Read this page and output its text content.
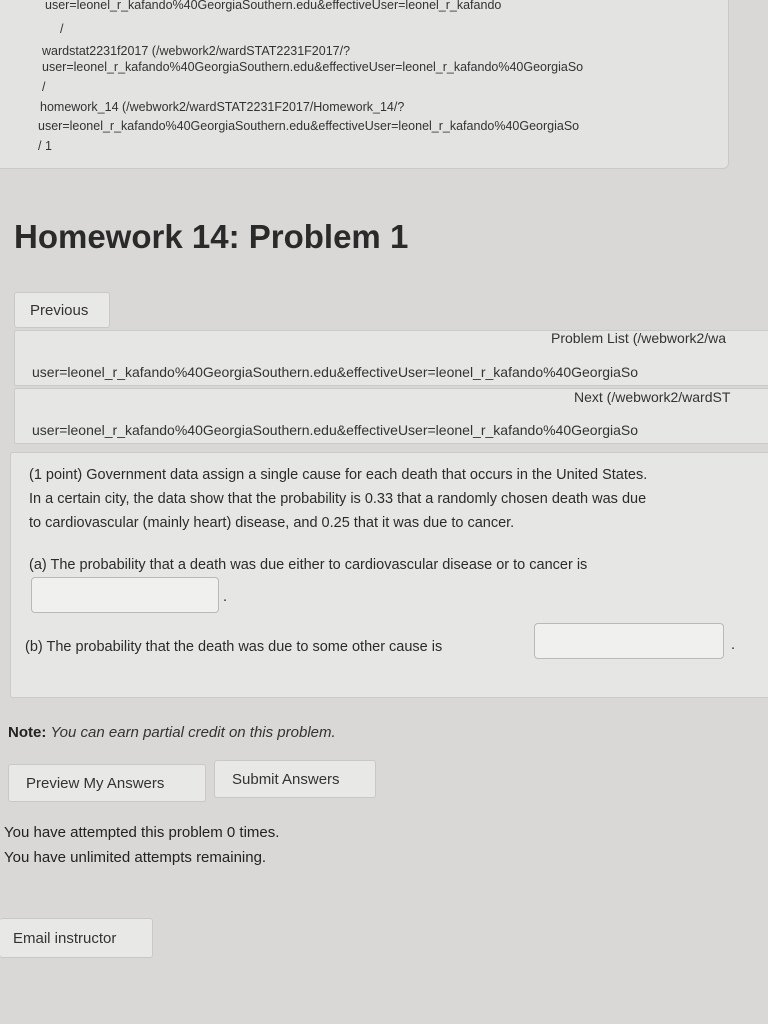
user=leonel_r_kafando%40GeorgiaSouthern.edu&effectiveUser=leonel_r_kafando
/
wardstat2231f2017 (/webwork2/wardSTAT2231F2017/?
user=leonel_r_kafando%40GeorgiaSouthern.edu&effectiveUser=leonel_r_kafando%40GeorgiaSo
/
homework_14 (/webwork2/wardSTAT2231F2017/Homework_14/?
user=leonel_r_kafando%40GeorgiaSouthern.edu&effectiveUser=leonel_r_kafando%40GeorgiaSo
/ 1
Homework 14: Problem 1
Previous
Problem List (/webwork2/wa
user=leonel_r_kafando%40GeorgiaSouthern.edu&effectiveUser=leonel_r_kafando%40GeorgiaSo
Next (/webwork2/wardST
user=leonel_r_kafando%40GeorgiaSouthern.edu&effectiveUser=leonel_r_kafando%40GeorgiaSo
(1 point) Government data assign a single cause for each death that occurs in the United States.
In a certain city, the data show that the probability is 0.33 that a randomly chosen death was due
to cardiovascular (mainly heart) disease, and 0.25 that it was due to cancer.
(a) The probability that a death was due either to cardiovascular disease or to cancer is
.
(b) The probability that the death was due to some other cause is	.
Note: You can earn partial credit on this problem.
Preview My Answers	Submit Answers
You have attempted this problem 0 times.
You have unlimited attempts remaining.
Email instructor
